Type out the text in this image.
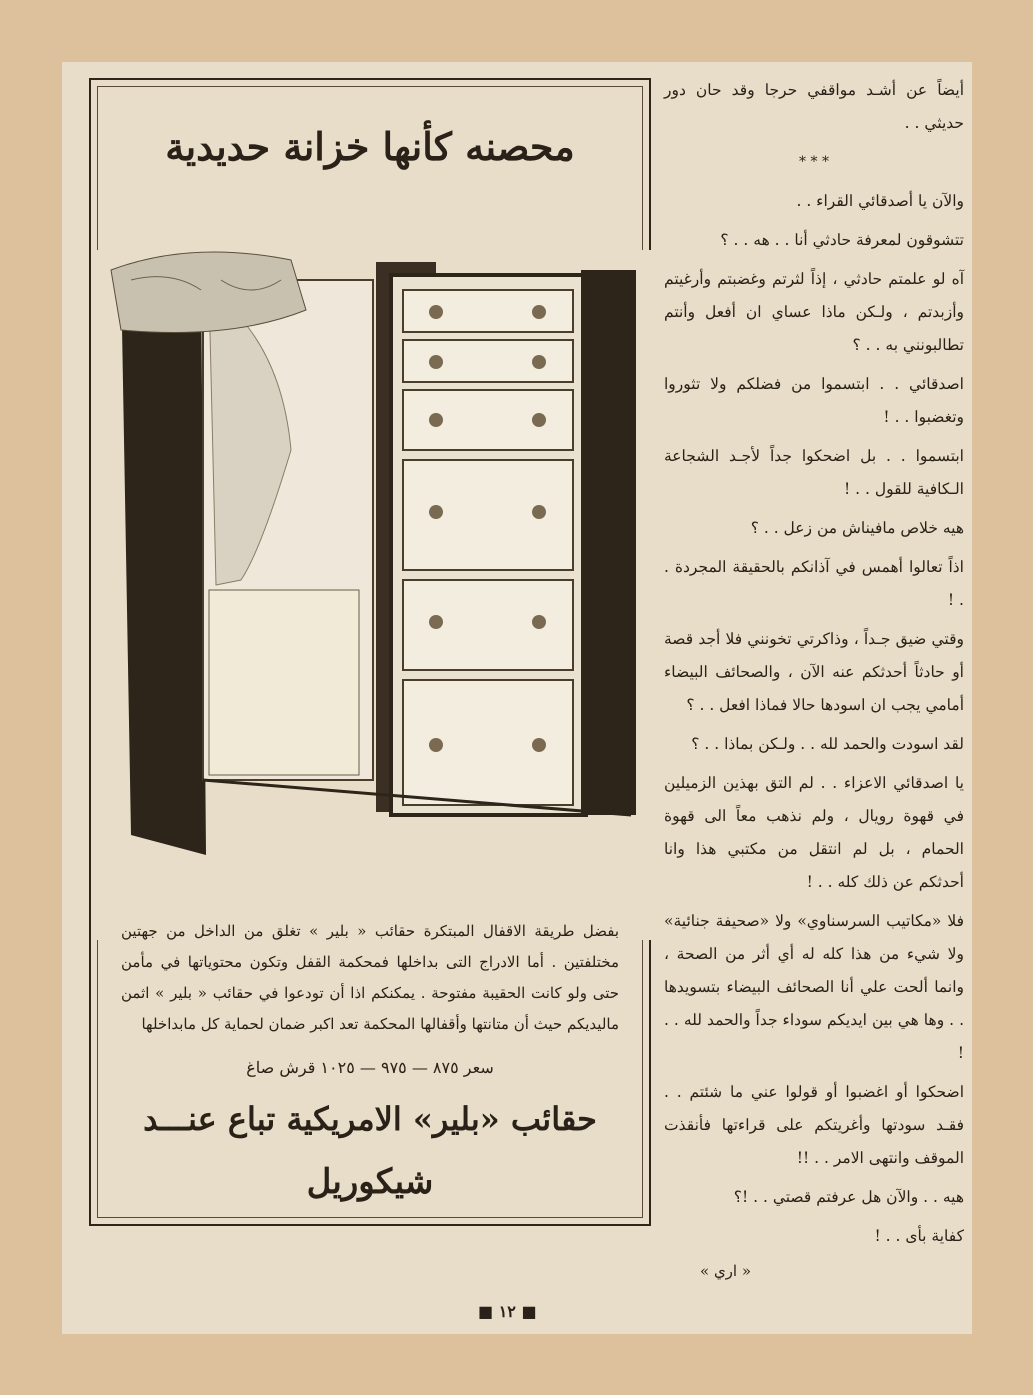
محصنه كأنها خزانة حديدية
بفضل طريقة الاقفال المبتكرة حقائب « بلير » تغلق من الداخل من جهتين مختلفتين . أما الادراج التى بداخلها فمحكمة القفل وتكون محتوياتها في مأمن حتى ولو كانت الحقيبة مفتوحة . يمكنكم اذا أن تودعوا في حقائب « بلير » اثمن ماليديكم حيث أن متانتها وأقفالها المحكمة تعد اكبر ضمان لحماية كل مابداخلها
سعر ٨٧٥ — ٩٧٥ — ١٠٢٥ قرش صاغ
حقائب «بلير» الامريكية تباع عنـــد
شيكوريل

أيضاً عن أشـد مواقفي حرجا وقد حان دور حديثي . .

* * *

والآن يا أصدقائي القراء . .

تتشوقون لمعرفة حادثي أنا . . هه . . ؟

آه لو علمتم حادثي ، إذاً لثرتم وغضبتم وأرغيتم وأزبدتم ، ولـكن ماذا عساي ان أفعل وأنتم تطالبونني به . . ؟

اصدقائي . . ابتسموا من فضلكم ولا تثوروا وتغضبوا . . !

ابتسموا . . بل اضحكوا جداً لأجـد الشجاعة الـكافية للقول . . !

هيه خلاص مافيناش من زعل . . ؟

اذاً تعالوا أهمس في آذانكم بالحقيقة المجردة . . !

وقتي ضيق جـداً ، وذاكرتي تخونني فلا أجد قصة أو حادثاً أحدثكم عنه الآن ، والصحائف البيضاء أمامي يجب ان اسودها حالا فماذا افعل . . ؟

لقد اسودت والحمد لله . . ولـكن بماذا . . ؟

يا اصدقائي الاعزاء . . لم التق بهذين الزميلين في قهوة رويال ، ولم نذهب معاً الى قهوة الحمام ، بل لم انتقل من مكتبي هذا وانا أحدثكم عن ذلك كله . . !

فلا «مكاتيب السرسناوي» ولا «صحيفة جنائية» ولا شيء من هذا كله له أي أثر من الصحة ، وانما ألحت علي أنا الصحائف البيضاء بتسويدها . . وها هي بين ايديكم سوداء جداً والحمد لله . . !

اضحكوا أو اغضبوا أو قولوا عني ما شئتم . . فقـد سودتها وأغريتكم على قراءتها فأنقذت الموقف وانتهى الامر . . !!

هيه . . والآن هل عرفتم قصتي . . !؟

كفاية بأى . . !

« اري »
■ ١٢ ■
